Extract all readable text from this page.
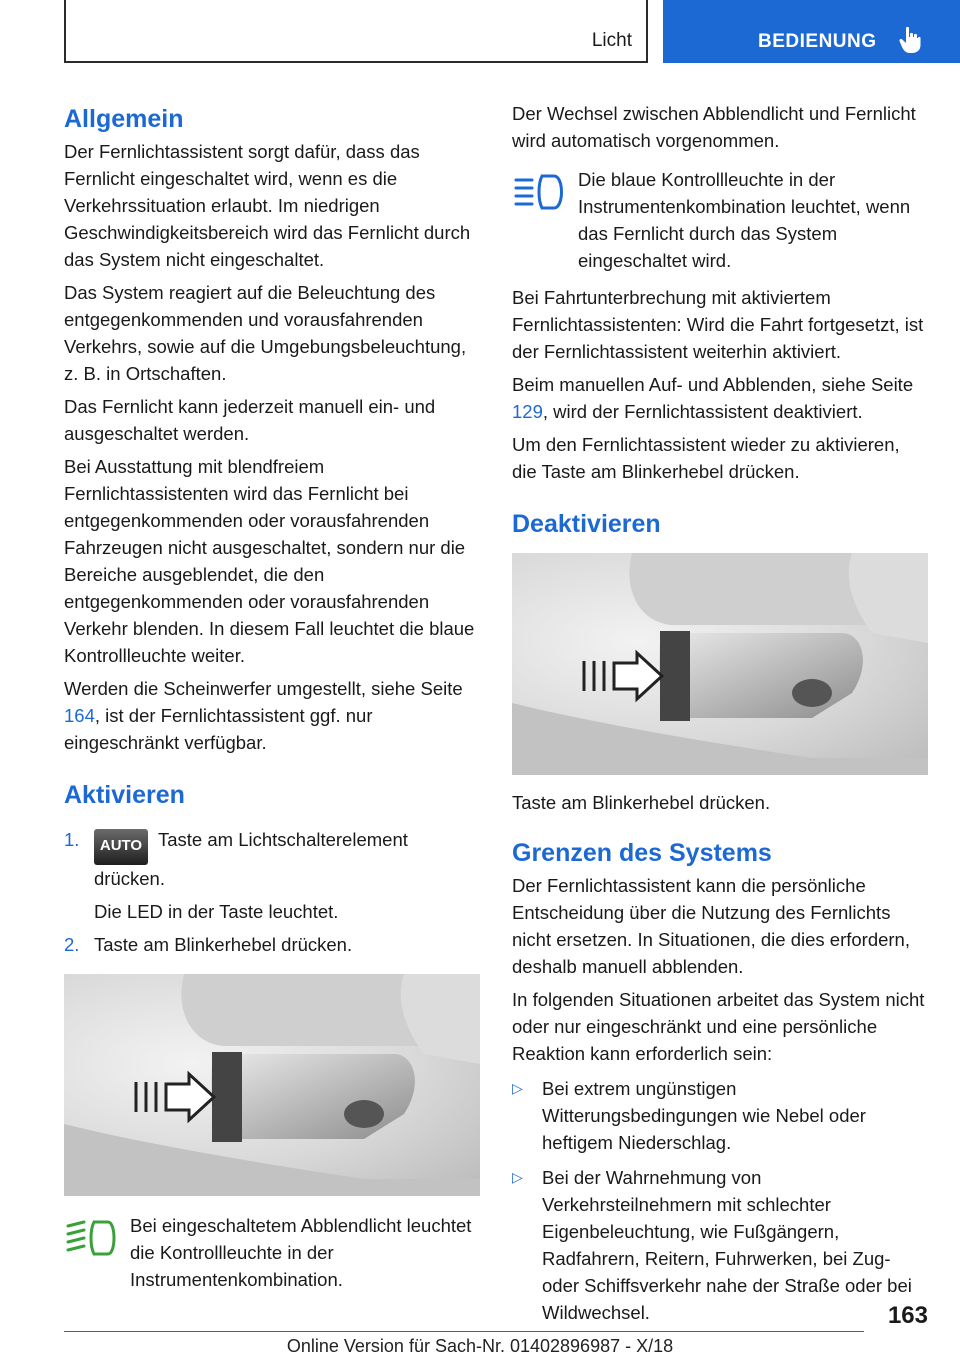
Licht	BEDIENUNG
Allgemein

Der Fernlichtassistent sorgt dafür, dass das Fernlicht eingeschaltet wird, wenn es die Verkehrssituation erlaubt. Im niedrigen Geschwindigkeitsbereich wird das Fernlicht durch das System nicht eingeschaltet.

Das System reagiert auf die Beleuchtung des entgegenkommenden und vorausfahrenden Verkehrs, sowie auf die Umgebungsbeleuchtung, z. B. in Ortschaften.

Das Fernlicht kann jederzeit manuell ein- und ausgeschaltet werden.

Bei Ausstattung mit blendfreiem Fernlichtassistenten wird das Fernlicht bei entgegenkommenden oder vorausfahrenden Fahrzeugen nicht ausgeschaltet, sondern nur die Bereiche ausgeblendet, die den entgegenkommenden oder vorausfahrenden Verkehr blenden. In diesem Fall leuchtet die blaue Kontrollleuchte weiter.

Werden die Scheinwerfer umgestellt, siehe Seite 164, ist der Fernlichtassistent ggf. nur eingeschränkt verfügbar.

Aktivieren
1. AUTO Taste am Lichtschalterelement drücken.
Die LED in der Taste leuchtet.
2. Taste am Blinkerhebel drücken.
Bei eingeschaltetem Abblendlicht leuchtet die Kontrollleuchte in der Instrumentenkombination.

Der Wechsel zwischen Abblendlicht und Fernlicht wird automatisch vorgenommen.

Die blaue Kontrollleuchte in der Instrumentenkombination leuchtet, wenn das Fernlicht durch das System eingeschaltet wird.

Bei Fahrtunterbrechung mit aktiviertem Fernlichtassistenten: Wird die Fahrt fortgesetzt, ist der Fernlichtassistent weiterhin aktiviert.

Beim manuellen Auf- und Abblenden, siehe Seite 129, wird der Fernlichtassistent deaktiviert.

Um den Fernlichtassistent wieder zu aktivieren, die Taste am Blinkerhebel drücken.

Deaktivieren

Taste am Blinkerhebel drücken.

Grenzen des Systems

Der Fernlichtassistent kann die persönliche Entscheidung über die Nutzung des Fernlichts nicht ersetzen. In Situationen, die dies erfordern, deshalb manuell abblenden.

In folgenden Situationen arbeitet das System nicht oder nur eingeschränkt und eine persönliche Reaktion kann erforderlich sein:

▷ Bei extrem ungünstigen Witterungsbedingungen wie Nebel oder heftigem Niederschlag.
▷ Bei der Wahrnehmung von Verkehrsteilnehmern mit schlechter Eigenbeleuchtung, wie Fußgängern, Radfahrern, Reitern, Fuhrwerken, bei Zug- oder Schiffsverkehr nahe der Straße oder bei Wildwechsel.	163
Online Version für Sach-Nr. 01402896987 - X/18
